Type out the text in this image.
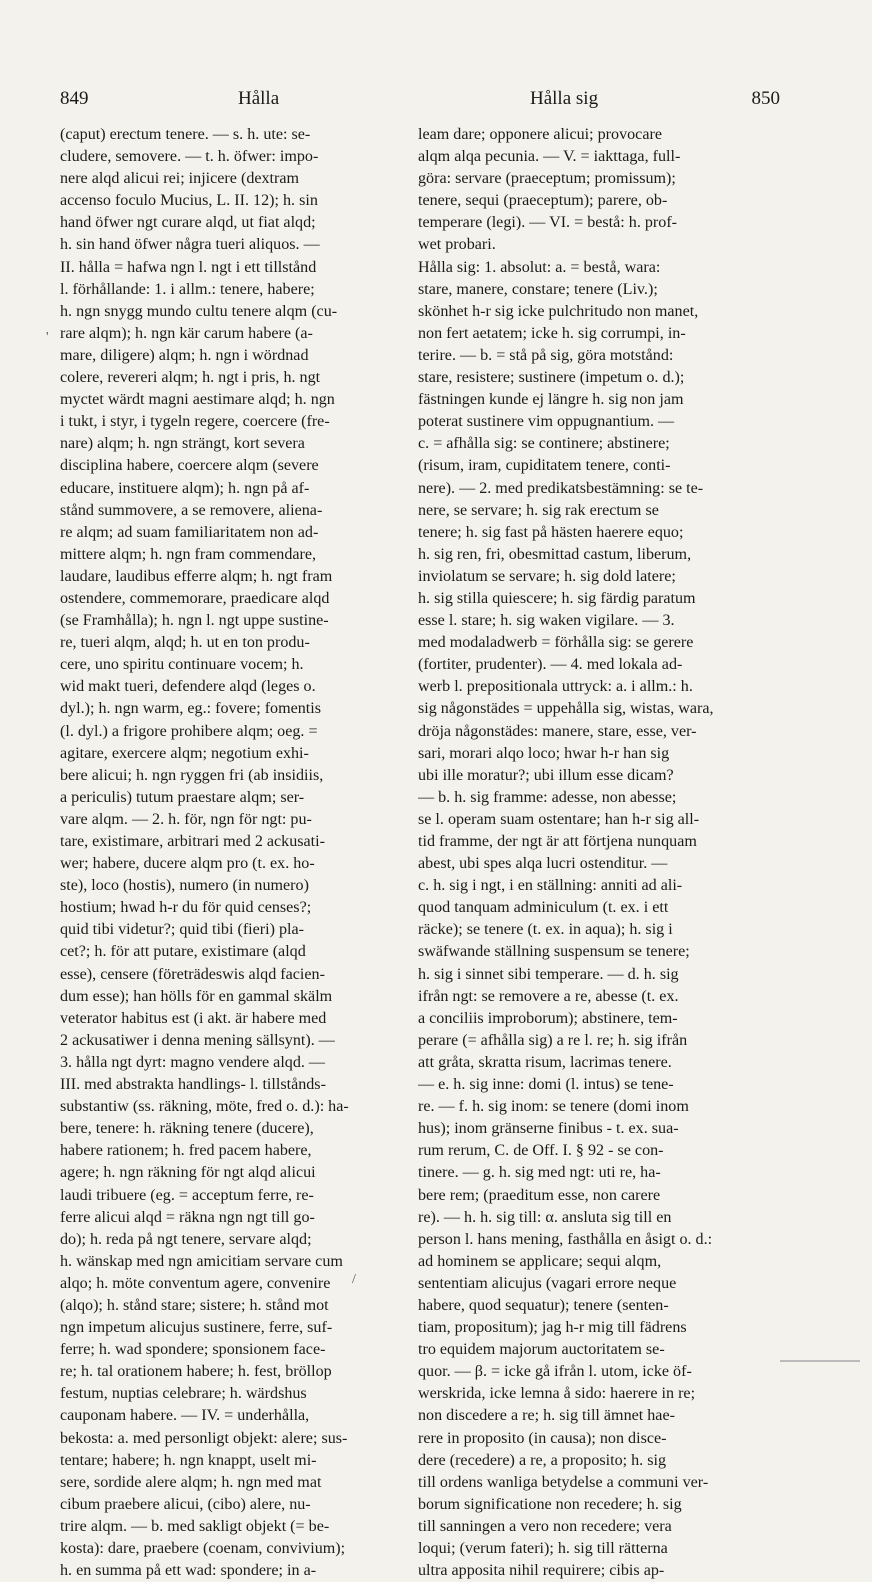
849	Hålla	Hålla sig	850
(caput) erectum tenere. — s. h. ute: se-
cludere, semovere. — t. h. öfwer: impo-
nere alqd alicui rei; injicere (dextram
accenso foculo Mucius, L. II. 12); h. sin
hand öfwer ngt curare alqd, ut fiat alqd;
h. sin hand öfwer några tueri aliquos. —
II. hålla = hafwa ngn l. ngt i ett tillstånd
l. förhållande: 1. i allm.: tenere, habere;
h. ngn snygg mundo cultu tenere alqm (cu-
rare alqm); h. ngn kär carum habere (a-
mare, diligere) alqm; h. ngn i wördnad
colere, revereri alqm; h. ngt i pris, h. ngt
myctet wärdt magni aestimare alqd; h. ngn
i tukt, i styr, i tygeln regere, coercere (fre-
nare) alqm; h. ngn strängt, kort severa
disciplina habere, coercere alqm (severe
educare, instituere alqm); h. ngn på af-
stånd summovere, a se removere, aliena-
re alqm; ad suam familiaritatem non ad-
mittere alqm; h. ngn fram commendare,
laudare, laudibus efferre alqm; h. ngt fram
ostendere, commemorare, praedicare alqd
(se Framhålla); h. ngn l. ngt uppe sustine-
re, tueri alqm, alqd; h. ut en ton produ-
cere, uno spiritu continuare vocem; h.
wid makt tueri, defendere alqd (leges o.
dyl.); h. ngn warm, eg.: fovere; fomentis
(l. dyl.) a frigore prohibere alqm; oeg. =
agitare, exercere alqm; negotium exhi-
bere alicui; h. ngn ryggen fri (ab insidiis,
a periculis) tutum praestare alqm; ser-
vare alqm. — 2. h. för, ngn för ngt: pu-
tare, existimare, arbitrari med 2 ackusati-
wer; habere, ducere alqm pro (t. ex. ho-
ste), loco (hostis), numero (in numero)
hostium; hwad h-r du för quid censes?;
quid tibi videtur?; quid tibi (fieri) pla-
cet?; h. för att putare, existimare (alqd
esse), censere (företrädeswis alqd facien-
dum esse); han hölls för en gammal skälm
veterator habitus est (i akt. är habere med
2 ackusatiwer i denna mening sällsynt). —
3. hålla ngt dyrt: magno vendere alqd. —
III. med abstrakta handlings- l. tillstånds-
substantiw (ss. räkning, möte, fred o. d.): ha-
bere, tenere: h. räkning tenere (ducere),
habere rationem; h. fred pacem habere,
agere; h. ngn räkning för ngt alqd alicui
laudi tribuere (eg. = acceptum ferre, re-
ferre alicui alqd = räkna ngn ngt till go-
do); h. reda på ngt tenere, servare alqd;
h. wänskap med ngn amicitiam servare cum
alqo; h. möte conventum agere, convenire
(alqo); h. stånd stare; sistere; h. stånd mot
ngn impetum alicujus sustinere, ferre, suf-
ferre; h. wad spondere; sponsionem face-
re; h. tal orationem habere; h. fest, bröllop
festum, nuptias celebrare; h. wärdshus
cauponam habere. — IV. = underhålla,
bekosta: a. med personligt objekt: alere; sus-
tentare; habere; h. ngn knappt, uselt mi-
sere, sordide alere alqm; h. ngn med mat
cibum praebere alicui, (cibo) alere, nu-
trire alqm. — b. med sakligt objekt (= be-
kosta): dare, praebere (coenam, convivium);
h. en summa på ett wad: spondere; in a-
leam dare; opponere alicui; provocare
alqm alqa pecunia. — V. = iakttaga, full-
göra: servare (praeceptum; promissum);
tenere, sequi (praeceptum); parere, ob-
temperare (legi). — VI. = bestå: h. prof-
wet probari.
Hålla sig: 1. absolut: a. = bestå, wara:
stare, manere, constare; tenere (Liv.);
skönhet h-r sig icke pulchritudo non manet,
non fert aetatem; icke h. sig corrumpi, in-
terire. — b. = stå på sig, göra motstånd:
stare, resistere; sustinere (impetum o. d.);
fästningen kunde ej längre h. sig non jam
poterat sustinere vim oppugnantium. —
c. = afhålla sig: se continere; abstinere;
(risum, iram, cupiditatem tenere, conti-
nere). — 2. med predikatsbestämning: se te-
nere, se servare; h. sig rak erectum se
tenere; h. sig fast på hästen haerere equo;
h. sig ren, fri, obesmittad castum, liberum,
inviolatum se servare; h. sig dold latere;
h. sig stilla quiescere; h. sig färdig paratum
esse l. stare; h. sig waken vigilare. — 3.
med modaladwerb = förhålla sig: se gerere
(fortiter, prudenter). — 4. med lokala ad-
werb l. prepositionala uttryck: a. i allm.: h.
sig någonstädes = uppehålla sig, wistas, wara,
dröja någonstädes: manere, stare, esse, ver-
sari, morari alqo loco; hwar h-r han sig
ubi ille moratur?; ubi illum esse dicam?
— b. h. sig framme: adesse, non abesse;
se l. operam suam ostentare; han h-r sig all-
tid framme, der ngt är att förtjena nunquam
abest, ubi spes alqa lucri ostenditur. —
c. h. sig i ngt, i en ställning: anniti ad ali-
quod tanquam adminiculum (t. ex. i ett
räcke); se tenere (t. ex. in aqua); h. sig i
swäfwande ställning suspensum se tenere;
h. sig i sinnet sibi temperare. — d. h. sig
ifrån ngt: se removere a re, abesse (t. ex.
a conciliis improborum); abstinere, tem-
perare (= afhålla sig) a re l. re; h. sig ifrån
att gråta, skratta risum, lacrimas tenere.
— e. h. sig inne: domi (l. intus) se tene-
re. — f. h. sig inom: se tenere (domi inom
hus); inom gränserne finibus - t. ex. sua-
rum rerum, C. de Off. I. § 92 - se con-
tinere. — g. h. sig med ngt: uti re, ha-
bere rem; (praeditum esse, non carere
re). — h. h. sig till: α. ansluta sig till en
person l. hans mening, fasthålla en åsigt o. d.:
ad hominem se applicare; sequi alqm,
sententiam alicujus (vagari errore neque
habere, quod sequatur); tenere (senten-
tiam, propositum); jag h-r mig till fädrens
tro equidem majorum auctoritatem se-
quor. — β. = icke gå ifrån l. utom, icke öf-
werskrida, icke lemna å sido: haerere in re;
non discedere a re; h. sig till ämnet hae-
rere in proposito (in causa); non disce-
dere (recedere) a re, a proposito; h. sig
till ordens wanliga betydelse a communi ver-
borum significatione non recedere; h. sig
till sanningen a vero non recedere; vera
loqui; (verum fateri); h. sig till rätterna
ultra apposita nihil requirere; cibis ap-
/
'
